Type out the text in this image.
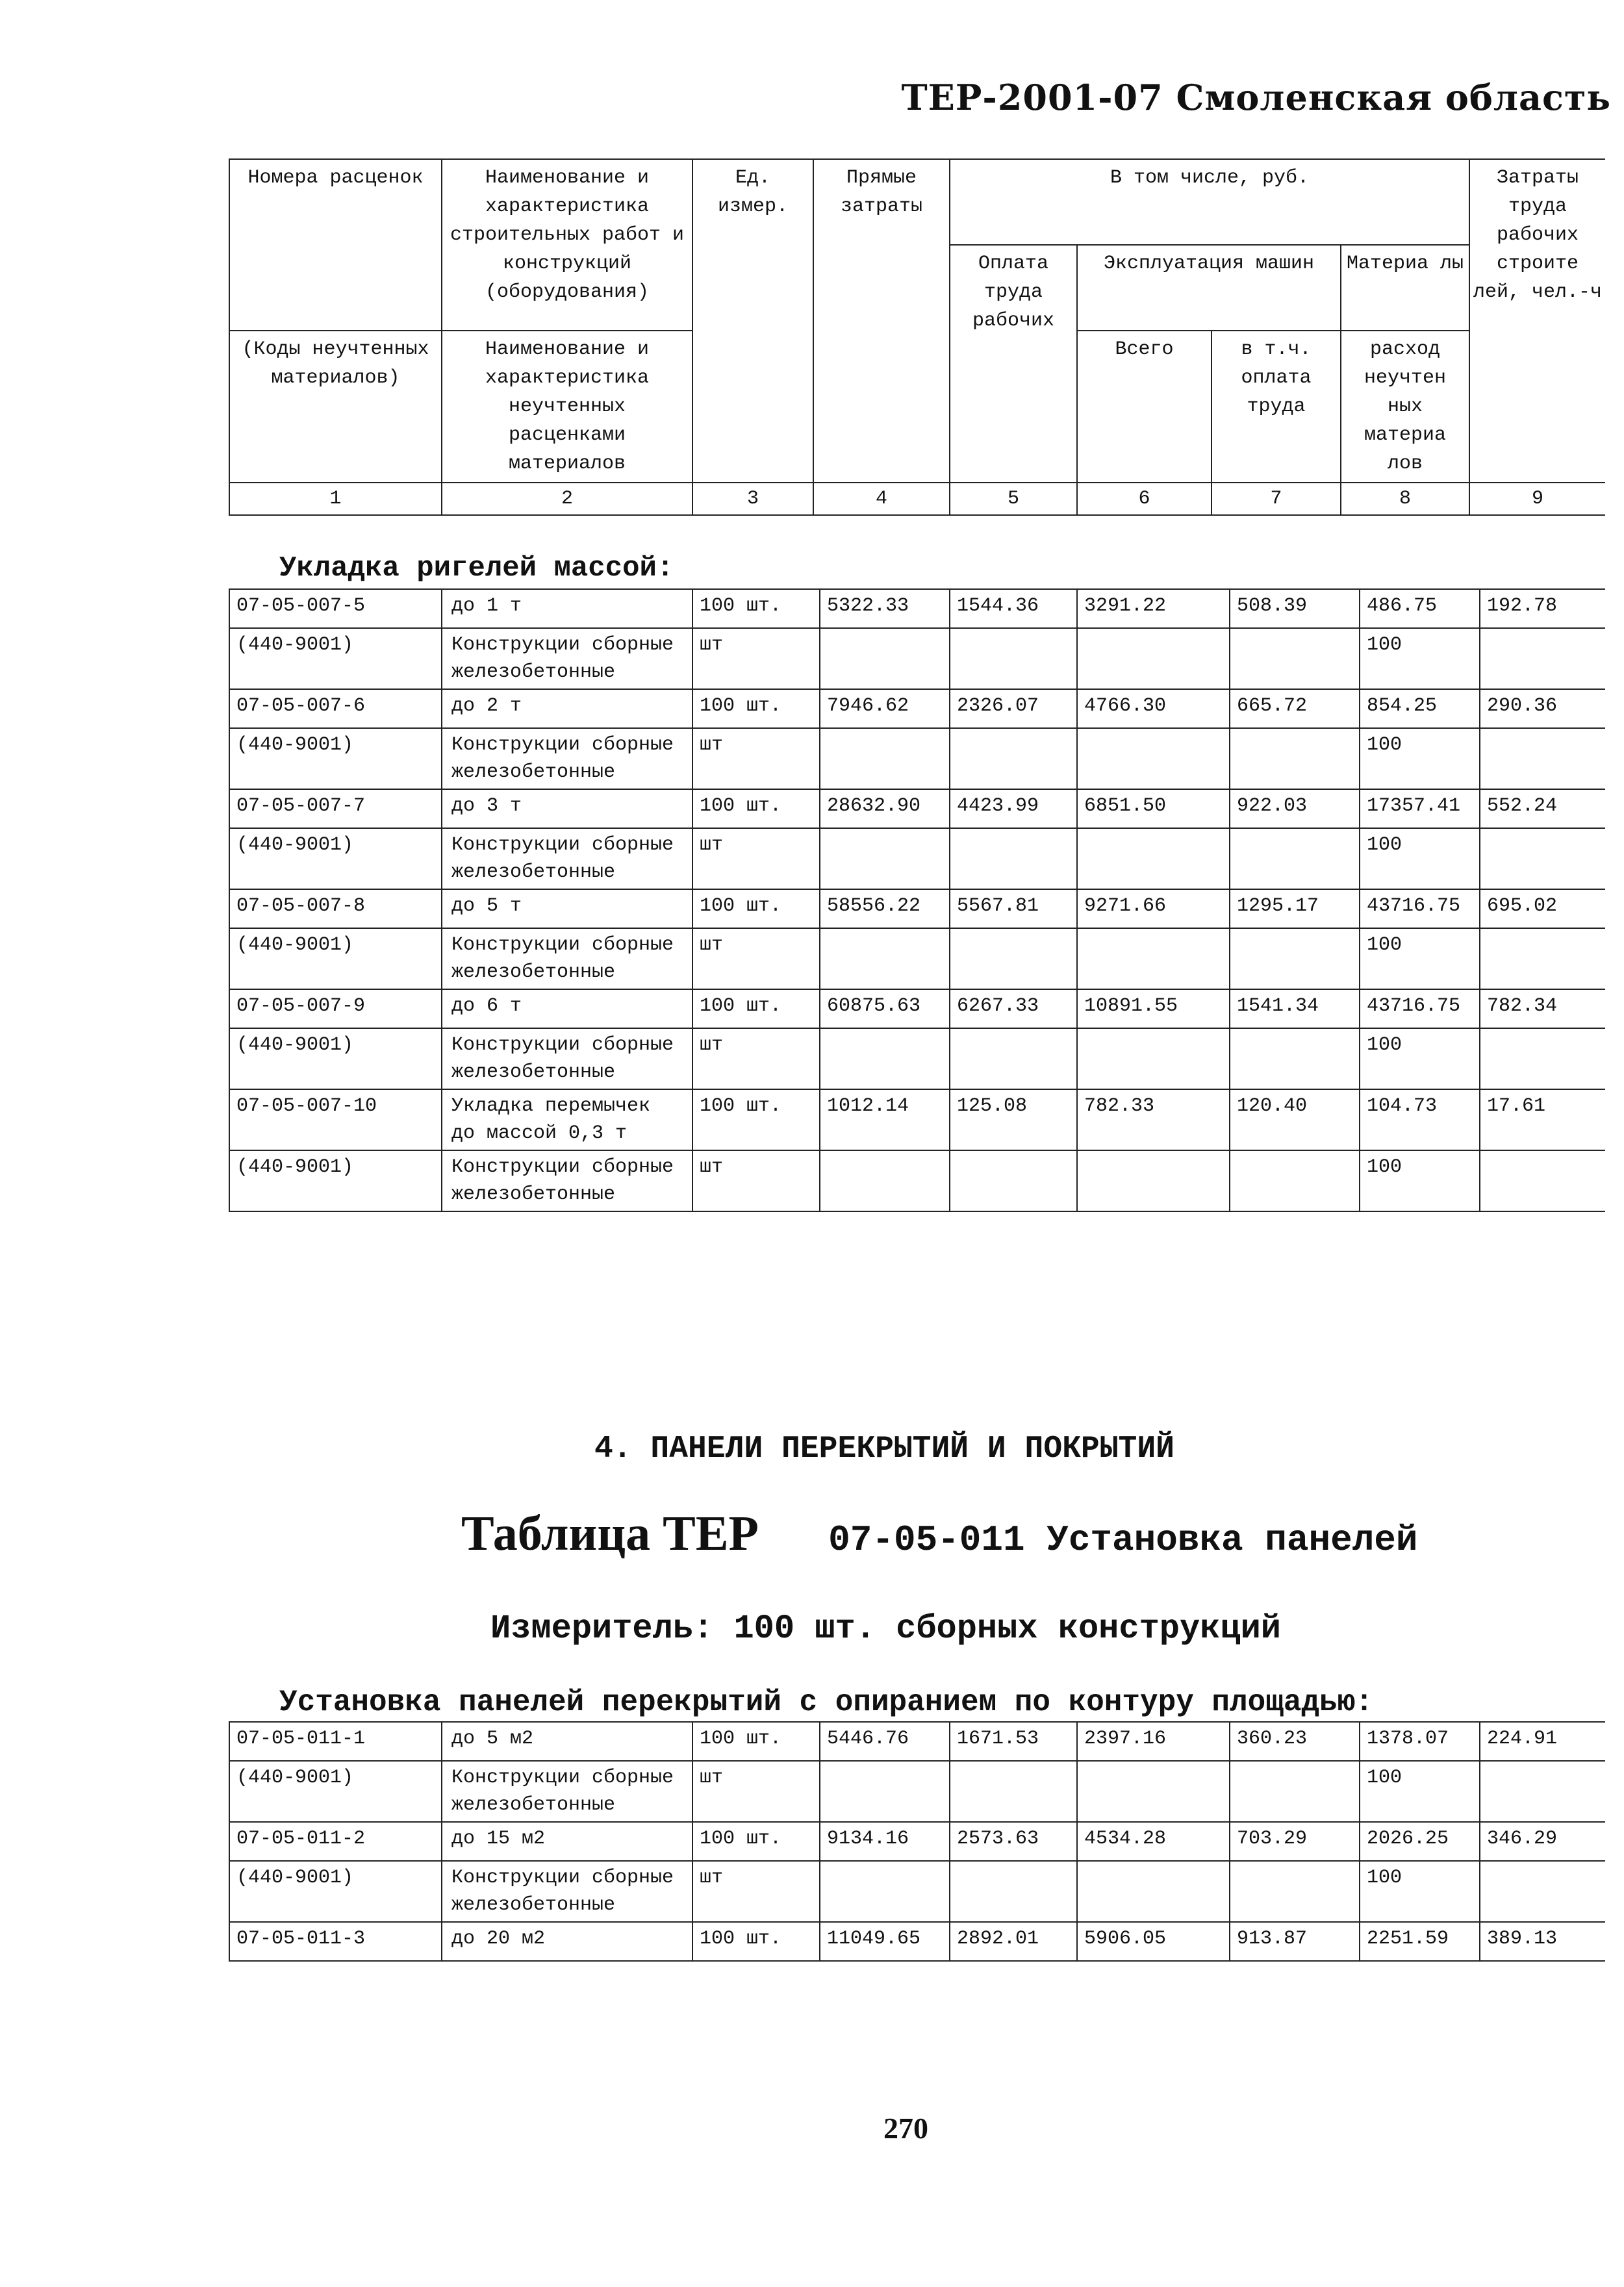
ТЕР-2001-07 Смоленская область
Номера расценок	Наименование и характеристика строительных работ и конструкций (оборудования)	Ед. измер.	Прямые затраты	В том числе, руб.				Затраты труда рабочих строите лей, чел.-ч
				Оплата труда рабочих	Эксплуатация машин		Материа лы	
(Коды неучтенных материалов)	Наименование и характеристика неучтенных расценками материалов				Всего	в т.ч. оплата труда	расход неучтен ных материа лов	
1	2	3	4	5	6	7	8	9
Укладка ригелей массой:
07-05-007-5	до 1 т	100 шт.	5322.33	1544.36	3291.22	508.39	486.75	192.78
(440-9001)	Конструкции сборные железобетонные	шт					100	
07-05-007-6	до 2 т	100 шт.	7946.62	2326.07	4766.30	665.72	854.25	290.36
(440-9001)	Конструкции сборные железобетонные	шт					100	
07-05-007-7	до 3 т	100 шт.	28632.90	4423.99	6851.50	922.03	17357.41	552.24
(440-9001)	Конструкции сборные железобетонные	шт					100	
07-05-007-8	до 5 т	100 шт.	58556.22	5567.81	9271.66	1295.17	43716.75	695.02
(440-9001)	Конструкции сборные железобетонные	шт					100	
07-05-007-9	до 6 т	100 шт.	60875.63	6267.33	10891.55	1541.34	43716.75	782.34
(440-9001)	Конструкции сборные железобетонные	шт					100	
07-05-007-10	Укладка перемычек до массой 0,3 т	100 шт.	1012.14	125.08	782.33	120.40	104.73	17.61
(440-9001)	Конструкции сборные железобетонные	шт					100	
4. ПАНЕЛИ ПЕРЕКРЫТИЙ И ПОКРЫТИЙ
Таблица ТЕР 07-05-011 Установка панелей
Измеритель: 100 шт. сборных конструкций
Установка панелей перекрытий с опиранием по контуру площадью:
07-05-011-1	до 5 м2	100 шт.	5446.76	1671.53	2397.16	360.23	1378.07	224.91
(440-9001)	Конструкции сборные железобетонные	шт					100	
07-05-011-2	до 15 м2	100 шт.	9134.16	2573.63	4534.28	703.29	2026.25	346.29
(440-9001)	Конструкции сборные железобетонные	шт					100	
07-05-011-3	до 20 м2	100 шт.	11049.65	2892.01	5906.05	913.87	2251.59	389.13
270
